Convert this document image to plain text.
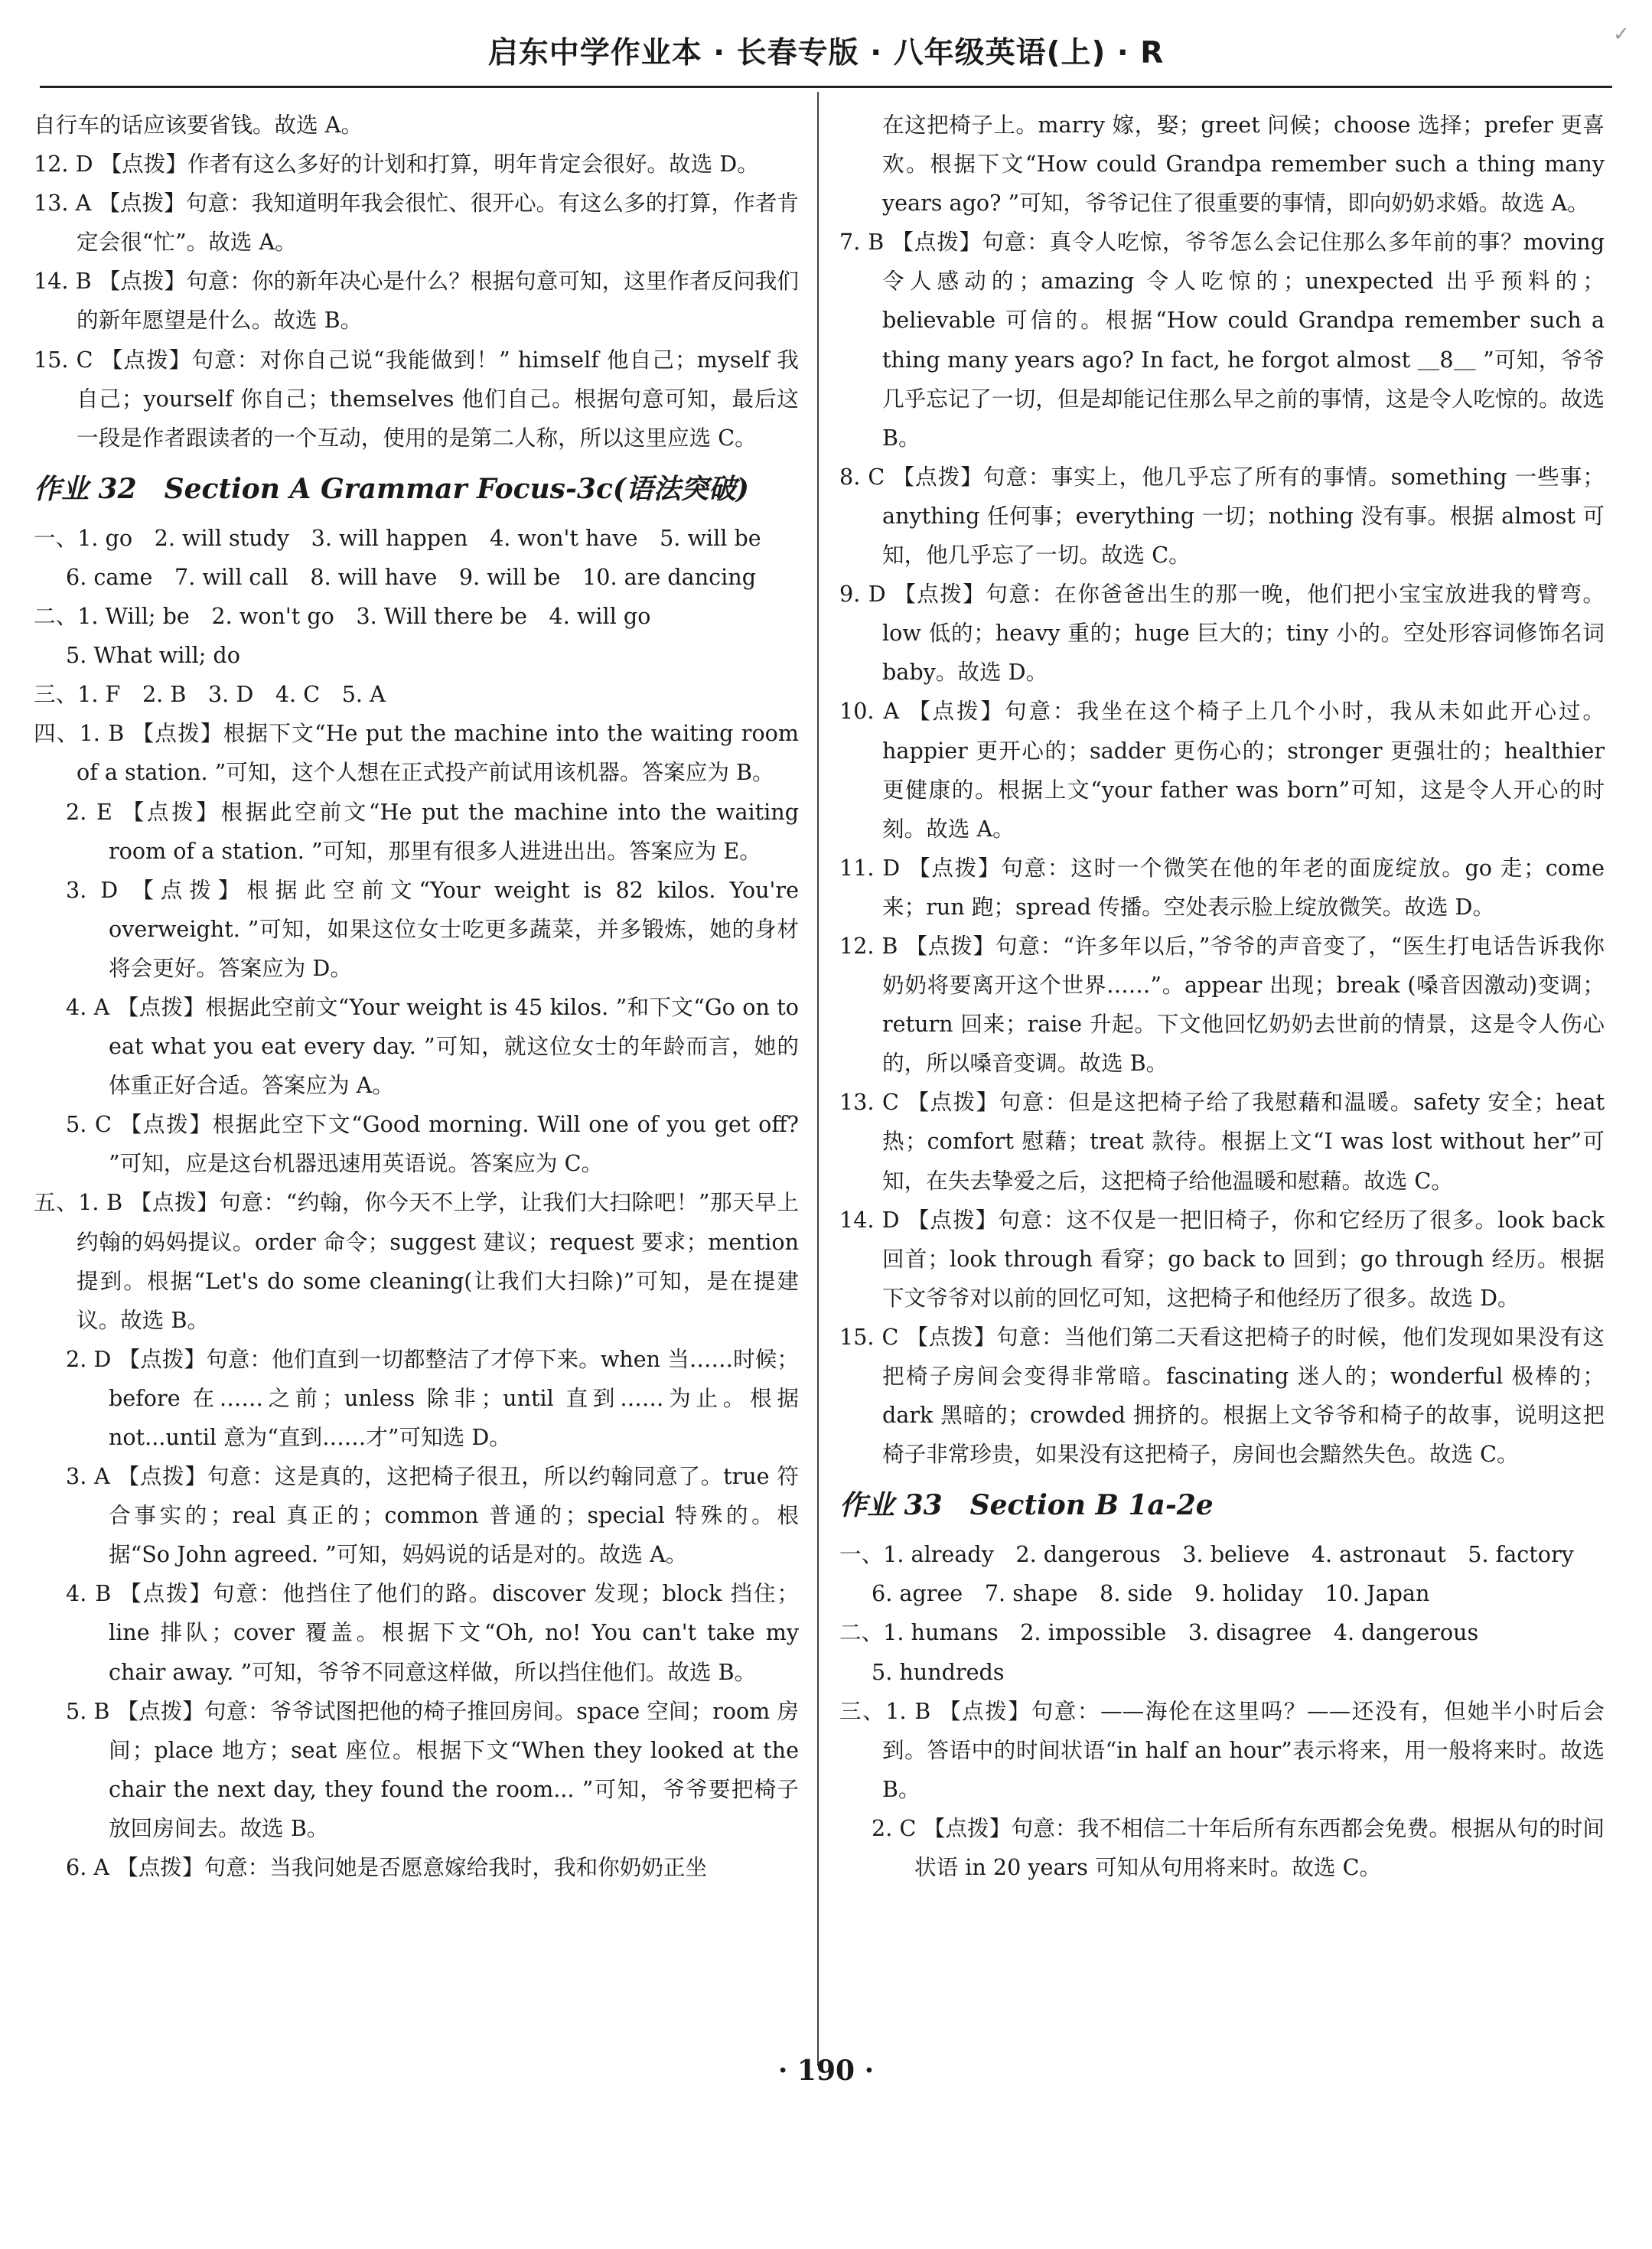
✓
启东中学作业本 · 长春专版 · 八年级英语(上) · R

自行车的话应该要省钱。故选 A。

12. D 【点拨】作者有这么多好的计划和打算，明年肯定会很好。故选 D。

13. A 【点拨】句意：我知道明年我会很忙、很开心。有这么多的打算，作者肯定会很“忙”。故选 A。

14. B 【点拨】句意：你的新年决心是什么？根据句意可知，这里作者反问我们的新年愿望是什么。故选 B。

15. C 【点拨】句意：对你自己说“我能做到！” himself 他自己；myself 我自己；yourself 你自己；themselves 他们自己。根据句意可知，最后这一段是作者跟读者的一个互动，使用的是第二人称，所以这里应选 C。

作业 32　Section A Grammar Focus-3c(语法突破)

一、1. go　2. will study　3. will happen　4. won't have　5. will be

6. came　7. will call　8. will have　9. will be　10. are dancing

二、1. Will; be　2. won't go　3. Will there be　4. will go

5. What will; do

三、1. F　2. B　3. D　4. C　5. A

四、1. B 【点拨】根据下文“He put the machine into the waiting room of a station. ”可知，这个人想在正式投产前试用该机器。答案应为 B。

2. E 【点拨】根据此空前文“He put the machine into the waiting room of a station. ”可知，那里有很多人进进出出。答案应为 E。

3. D 【点拨】根据此空前文“Your weight is 82 kilos. You're overweight. ”可知，如果这位女士吃更多蔬菜，并多锻炼，她的身材将会更好。答案应为 D。

4. A 【点拨】根据此空前文“Your weight is 45 kilos. ”和下文“Go on to eat what you eat every day. ”可知，就这位女士的年龄而言，她的体重正好合适。答案应为 A。

5. C 【点拨】根据此空下文“Good morning. Will one of you get off? ”可知，应是这台机器迅速用英语说。答案应为 C。

五、1. B 【点拨】句意：“约翰，你今天不上学，让我们大扫除吧！”那天早上约翰的妈妈提议。order 命令；suggest 建议；request 要求；mention 提到。根据“Let's do some cleaning(让我们大扫除)”可知，是在提建议。故选 B。

2. D 【点拨】句意：他们直到一切都整洁了才停下来。when 当……时候；before 在……之前；unless 除非；until 直到……为止。根据 not...until 意为“直到……才”可知选 D。

3. A 【点拨】句意：这是真的，这把椅子很丑，所以约翰同意了。true 符合事实的；real 真正的；common 普通的；special 特殊的。根据“So John agreed. ”可知，妈妈说的话是对的。故选 A。

4. B 【点拨】句意：他挡住了他们的路。discover 发现；block 挡住；line 排队；cover 覆盖。根据下文“Oh, no! You can't take my chair away. ”可知，爷爷不同意这样做，所以挡住他们。故选 B。

5. B 【点拨】句意：爷爷试图把他的椅子推回房间。space 空间；room 房间；place 地方；seat 座位。根据下文“When they looked at the chair the next day, they found the room... ”可知，爷爷要把椅子放回房间去。故选 B。

6. A 【点拨】句意：当我问她是否愿意嫁给我时，我和你奶奶正坐

在这把椅子上。marry 嫁，娶；greet 问候；choose 选择；prefer 更喜欢。根据下文“How could Grandpa remember such a thing many years ago? ”可知，爷爷记住了很重要的事情，即向奶奶求婚。故选 A。

7. B 【点拨】句意：真令人吃惊，爷爷怎么会记住那么多年前的事？moving 令人感动的；amazing 令人吃惊的；unexpected 出乎预料的；believable 可信的。根据“How could Grandpa remember such a thing many years ago? In fact, he forgot almost ＿8＿ ”可知，爷爷几乎忘记了一切，但是却能记住那么早之前的事情，这是令人吃惊的。故选 B。

8. C 【点拨】句意：事实上，他几乎忘了所有的事情。something 一些事；anything 任何事；everything 一切；nothing 没有事。根据 almost 可知，他几乎忘了一切。故选 C。

9. D 【点拨】句意：在你爸爸出生的那一晚，他们把小宝宝放进我的臂弯。low 低的；heavy 重的；huge 巨大的；tiny 小的。空处形容词修饰名词 baby。故选 D。

10. A 【点拨】句意：我坐在这个椅子上几个小时，我从未如此开心过。happier 更开心的；sadder 更伤心的；stronger 更强壮的；healthier 更健康的。根据上文“your father was born”可知，这是令人开心的时刻。故选 A。

11. D 【点拨】句意：这时一个微笑在他的年老的面庞绽放。go 走；come 来；run 跑；spread 传播。空处表示脸上绽放微笑。故选 D。

12. B 【点拨】句意：“许多年以后，”爷爷的声音变了，“医生打电话告诉我你奶奶将要离开这个世界……”。appear 出现；break (嗓音因激动)变调；return 回来；raise 升起。下文他回忆奶奶去世前的情景，这是令人伤心的，所以嗓音变调。故选 B。

13. C 【点拨】句意：但是这把椅子给了我慰藉和温暖。safety 安全；heat 热；comfort 慰藉；treat 款待。根据上文“I was lost without her”可知，在失去挚爱之后，这把椅子给他温暖和慰藉。故选 C。

14. D 【点拨】句意：这不仅是一把旧椅子，你和它经历了很多。look back 回首；look through 看穿；go back to 回到；go through 经历。根据下文爷爷对以前的回忆可知，这把椅子和他经历了很多。故选 D。

15. C 【点拨】句意：当他们第二天看这把椅子的时候，他们发现如果没有这把椅子房间会变得非常暗。fascinating 迷人的；wonderful 极棒的；dark 黑暗的；crowded 拥挤的。根据上文爷爷和椅子的故事，说明这把椅子非常珍贵，如果没有这把椅子，房间也会黯然失色。故选 C。

作业 33　Section B 1a-2e

一、1. already　2. dangerous　3. believe　4. astronaut　5. factory

6. agree　7. shape　8. side　9. holiday　10. Japan

二、1. humans　2. impossible　3. disagree　4. dangerous

5. hundreds

三、1. B 【点拨】句意：——海伦在这里吗？——还没有，但她半小时后会到。答语中的时间状语“in half an hour”表示将来，用一般将来时。故选 B。

2. C 【点拨】句意：我不相信二十年后所有东西都会免费。根据从句的时间状语 in 20 years 可知从句用将来时。故选 C。

· 190 ·
